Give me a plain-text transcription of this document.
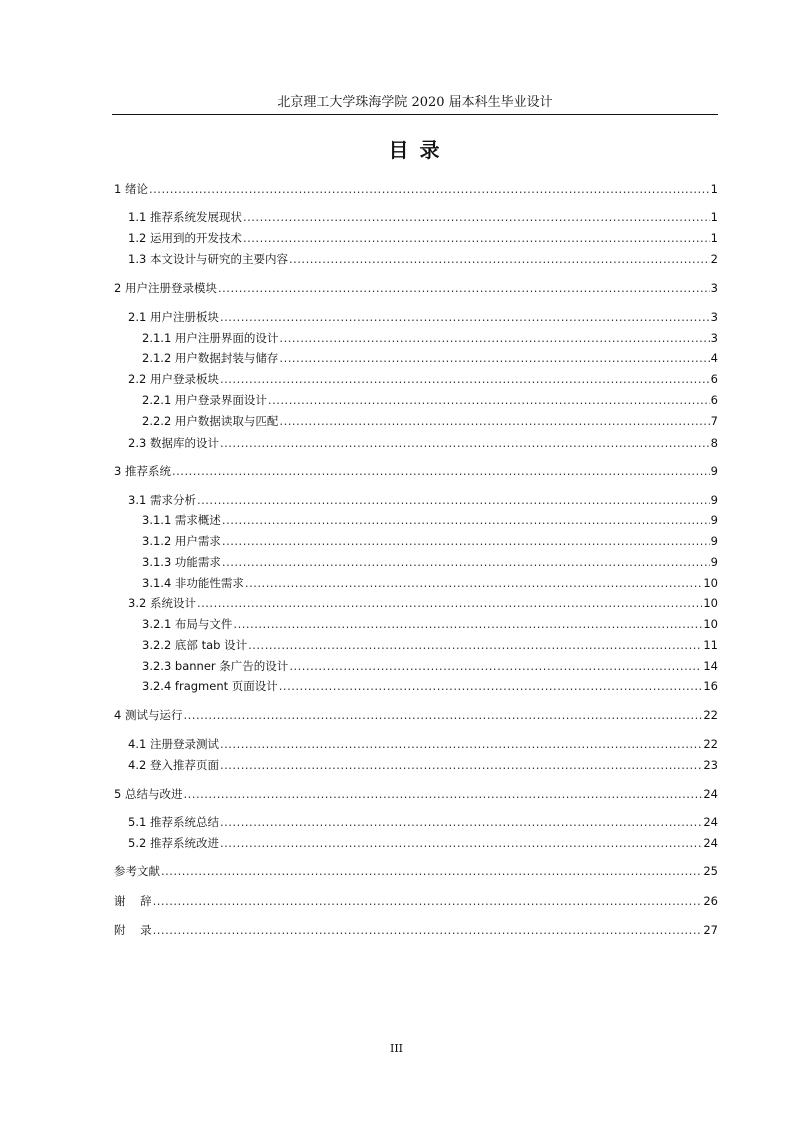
北京理工大学珠海学院 2020 届本科生毕业设计
目 录
1 绪论 .....	1
1.1 推荐系统发展现状 .....	1
1.2 运用到的开发技术 .....	1
1.3 本文设计与研究的主要内容 .....	2
2 用户注册登录模块 .....	3
2.1 用户注册板块 .....	3
2.1.1 用户注册界面的设计 .....	3
2.1.2 用户数据封装与储存 .....	4
2.2 用户登录板块 .....	6
2.2.1 用户登录界面设计 .....	6
2.2.2 用户数据读取与匹配 .....	7
2.3 数据库的设计 .....	8
3 推荐系统 .....	9
3.1 需求分析 .....	9
3.1.1 需求概述 .....	9
3.1.2 用户需求 .....	9
3.1.3 功能需求 .....	9
3.1.4 非功能性需求 .....	10
3.2 系统设计 .....	10
3.2.1 布局与文件 .....	10
3.2.2 底部 tab 设计 .....	11
3.2.3 banner 条广告的设计 .....	14
3.2.4 fragment 页面设计 .....	16
4 测试与运行 .....	22
4.1 注册登录测试 .....	22
4.2 登入推荐页面 .....	23
5 总结与改进 .....	24
5.1 推荐系统总结 .....	24
5.2 推荐系统改进 .....	24
参考文献 .....	25
谢    辞 .....	26
附    录 .....	27
III
